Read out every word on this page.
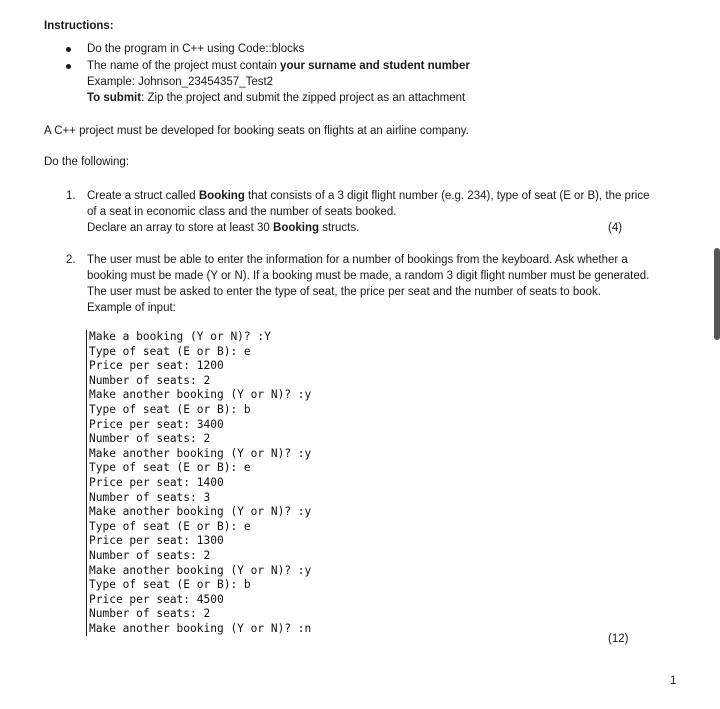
Instructions:
Do the program in C++ using Code::blocks
The name of the project must contain your surname and student number
Example: Johnson_23454357_Test2
To submit: Zip the project and submit the zipped project as an attachment
A C++ project must be developed for booking seats on flights at an airline company.
Do the following:
1. Create a struct called Booking that consists of a 3 digit flight number (e.g. 234), type of seat (E or B), the price
of a seat in economic class and the number of seats booked.
Declare an array to store at least 30 Booking structs.	(4)
2. The user must be able to enter the information for a number of bookings from the keyboard. Ask whether a
booking must be made (Y or N). If a booking must be made, a random 3 digit flight number must be generated.
The user must be asked to enter the type of seat, the price per seat and the number of seats to book.
Example of input:
Make a booking (Y or N)? :Y
Type of seat (E or B): e
Price per seat: 1200
Number of seats: 2
Make another booking (Y or N)? :y
Type of seat (E or B): b
Price per seat: 3400
Number of seats: 2
Make another booking (Y or N)? :y
Type of seat (E or B): e
Price per seat: 1400
Number of seats: 3
Make another booking (Y or N)? :y
Type of seat (E or B): e
Price per seat: 1300
Number of seats: 2
Make another booking (Y or N)? :y
Type of seat (E or B): b
Price per seat: 4500
Number of seats: 2
Make another booking (Y or N)? :n
(12)
1
